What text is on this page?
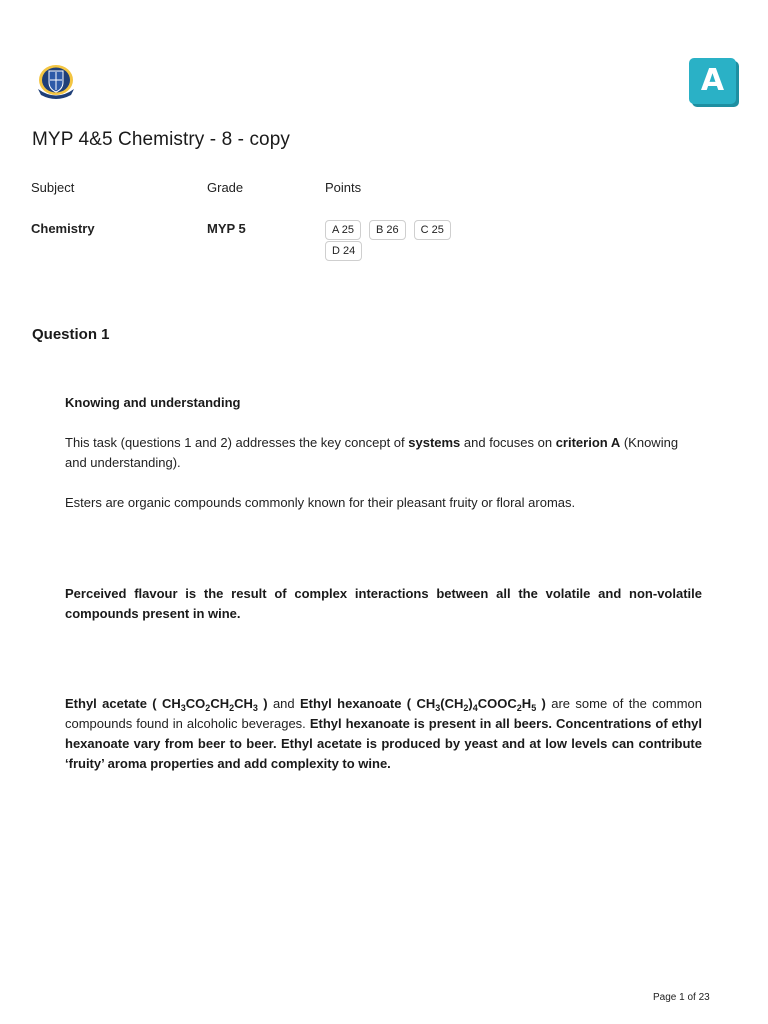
A
MYP 4&5 Chemistry - 8 - copy
Subject	Grade	Points
Chemistry	MYP 5	A 25	B 26	C 25
D 24
Question 1

Knowing and understanding

This task (questions 1 and 2) addresses the key concept of systems and focuses on criterion A (Knowing and understanding).

Esters are organic compounds commonly known for their pleasant fruity or floral aromas.

Perceived flavour is the result of complex interactions between all the volatile and non-volatile compounds present in wine.

Ethyl acetate ( $CH_3CO_2CH_2CH_3$ ) and Ethyl hexanoate ( $CH_3(CH_2)_4COOC_2H_5$ ) are some of the common compounds found in alcoholic beverages. Ethyl hexanoate is present in all beers. Concentrations of ethyl hexanoate vary from beer to beer. Ethyl acetate is produced by yeast and at low levels can contribute ‘fruity’ aroma properties and add complexity to wine.

Page 1 of 23
